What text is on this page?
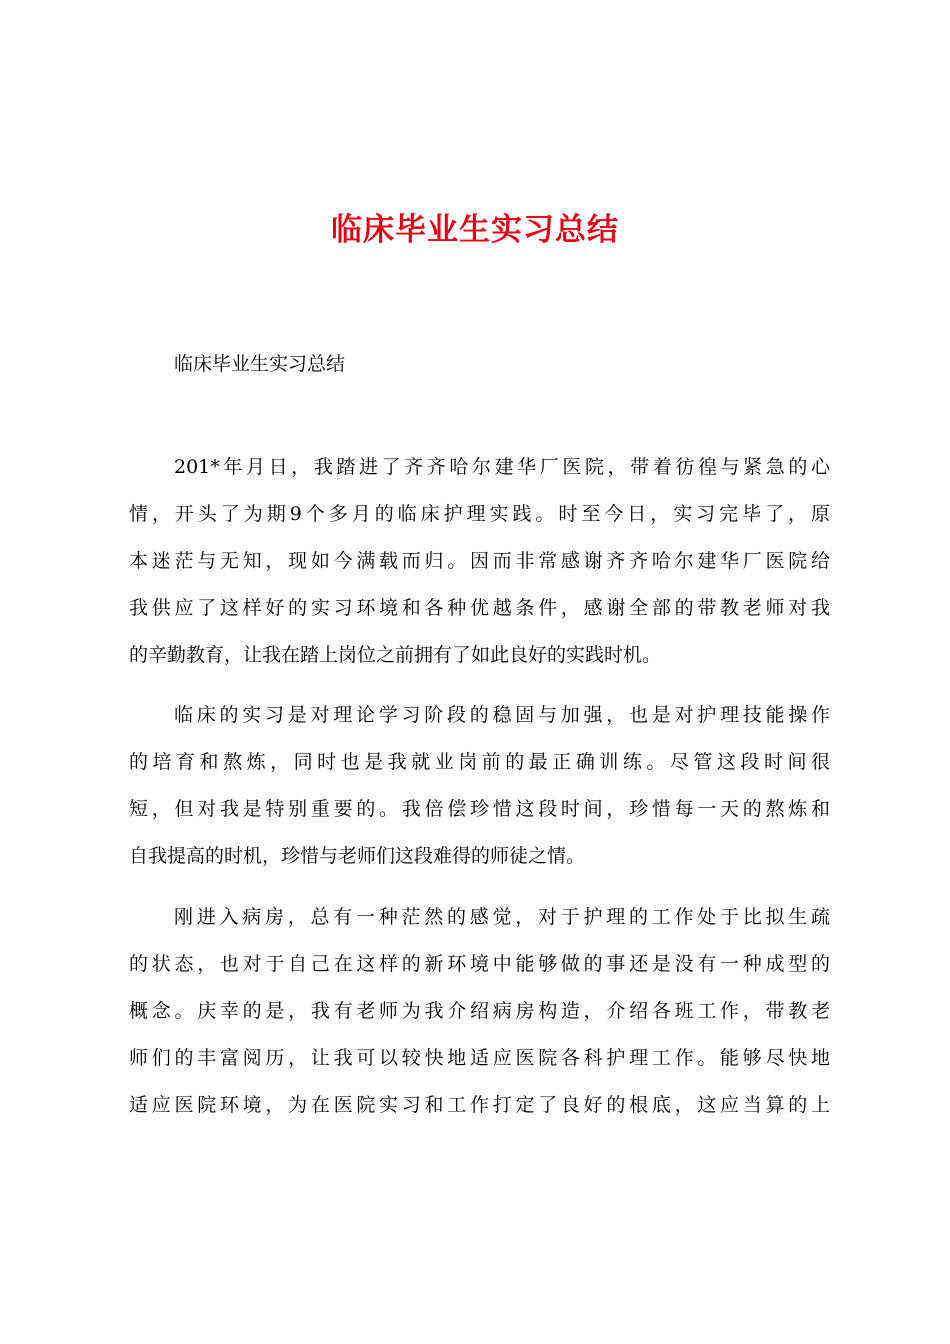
临床毕业生实习总结
临床毕业生实习总结
201*年月日，我踏进了齐齐哈尔建华厂医院，带着彷徨与紧急的心
情，开头了为期9个多月的临床护理实践。时至今日，实习完毕了，原
本迷茫与无知，现如今满载而归。因而非常感谢齐齐哈尔建华厂医院给
我供应了这样好的实习环境和各种优越条件，感谢全部的带教老师对我
的辛勤教育，让我在踏上岗位之前拥有了如此良好的实践时机。
临床的实习是对理论学习阶段的稳固与加强，也是对护理技能操作
的培育和熬炼，同时也是我就业岗前的最正确训练。尽管这段时间很
短，但对我是特别重要的。我倍偿珍惜这段时间，珍惜每一天的熬炼和
自我提高的时机，珍惜与老师们这段难得的师徒之情。
刚进入病房，总有一种茫然的感觉，对于护理的工作处于比拟生疏
的状态，也对于自己在这样的新环境中能够做的事还是没有一种成型的
概念。庆幸的是，我有老师为我介绍病房构造，介绍各班工作，带教老
师们的丰富阅历，让我可以较快地适应医院各科护理工作。能够尽快地
适应医院环境，为在医院实习和工作打定了良好的根底，这应当算的上
